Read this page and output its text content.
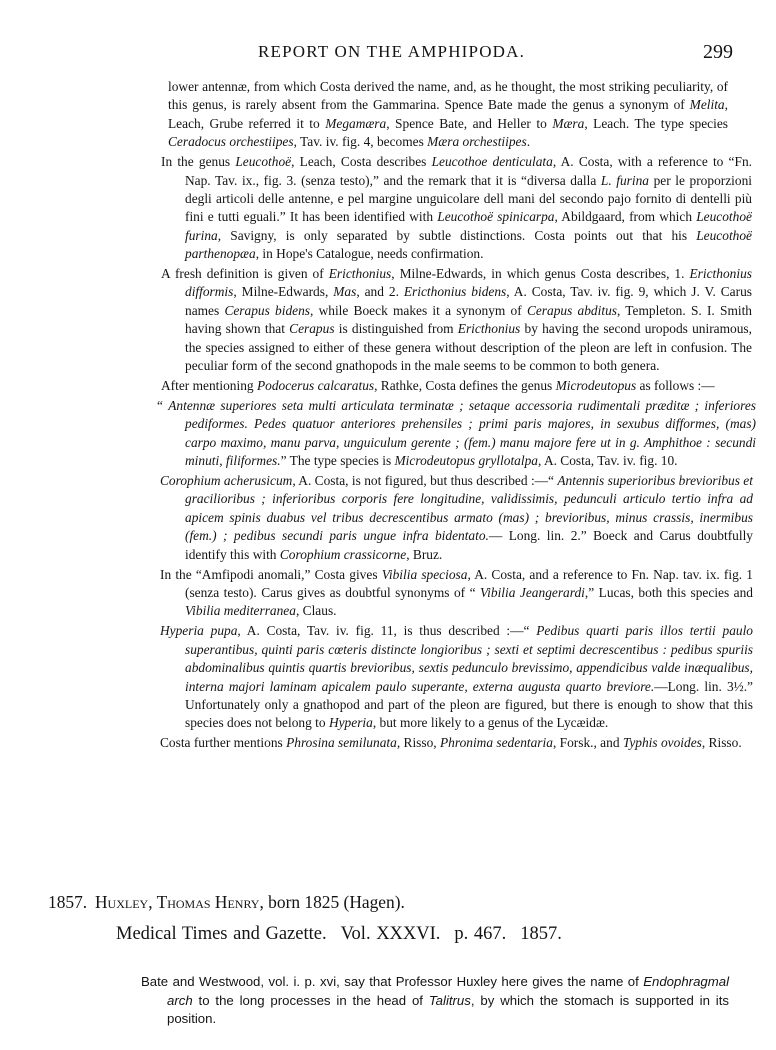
REPORT ON THE AMPHIPODA.	299

lower antennæ, from which Costa derived the name, and, as he thought, the most striking peculiarity, of this genus, is rarely absent from the Gammarina. Spence Bate made the genus a synonym of Melita, Leach, Grube referred it to Megamæra, Spence Bate, and Heller to Mæra, Leach. The type species Ceradocus orchestiipes, Tav. iv. fig. 4, becomes Mæra orchestiipes.

In the genus Leucothoë, Leach, Costa describes Leucothoe denticulata, A. Costa, with a reference to “Fn. Nap. Tav. ix., fig. 3. (senza testo),” and the remark that it is “diversa dalla L. furina per le proporzioni degli articoli delle antenne, e pel margine unguicolare dell mani del secondo pajo fornito di dentelli più fini e tutti eguali.” It has been identified with Leucothoë spinicarpa, Abildgaard, from which Leucothoë furina, Savigny, is only separated by subtle distinctions. Costa points out that his Leucothoë parthenopæa, in Hope's Catalogue, needs confirmation.

A fresh definition is given of Ericthonius, Milne-Edwards, in which genus Costa describes, 1. Ericthonius difformis, Milne-Edwards, Mas, and 2. Ericthonius bidens, A. Costa, Tav. iv. fig. 9, which J. V. Carus names Cerapus bidens, while Boeck makes it a synonym of Cerapus abditus, Templeton. S. I. Smith having shown that Cerapus is distinguished from Ericthonius by having the second uropods uniramous, the species assigned to either of these genera without description of the pleon are left in confusion. The peculiar form of the second gnathopods in the male seems to be common to both genera.

After mentioning Podocerus calcaratus, Rathke, Costa defines the genus Microdeutopus as follows :—

“ Antennæ superiores seta multi articulata terminatæ ; setaque accessoria rudimentali præditæ ; inferiores pediformes. Pedes quatuor anteriores prehensiles ; primi paris majores, in sexubus difformes, (mas) carpo maximo, manu parva, unguiculum gerente ; (fem.) manu majore fere ut in g. Amphithoe : secundi minuti, filiformes.” The type species is Microdeutopus gryllotalpa, A. Costa, Tav. iv. fig. 10.

Corophium acherusicum, A. Costa, is not figured, but thus described :—“ Antennis superioribus brevioribus et gracilioribus ; inferioribus corporis fere longitudine, validissimis, pedunculi articulo tertio infra ad apicem spinis duabus vel tribus decrescentibus armato (mas) ; brevioribus, minus crassis, inermibus (fem.) ; pedibus secundi paris ungue infra bidentato.— Long. lin. 2.” Boeck and Carus doubtfully identify this with Corophium crassicorne, Bruz.

In the “Amfipodi anomali,” Costa gives Vibilia speciosa, A. Costa, and a reference to Fn. Nap. tav. ix. fig. 1 (senza testo). Carus gives as doubtful synonyms of “ Vibilia Jeangerardi,” Lucas, both this species and Vibilia mediterranea, Claus.

Hyperia pupa, A. Costa, Tav. iv. fig. 11, is thus described :—“ Pedibus quarti paris illos tertii paulo superantibus, quinti paris cœteris distincte longioribus ; sexti et septimi decrescentibus : pedibus spuriis abdominalibus quintis quartis brevioribus, sextis pedunculo brevissimo, appendicibus valde inæqualibus, interna majori laminam apicalem paulo superante, externa augusta quarto breviore.—Long. lin. 3½.” Unfortunately only a gnathopod and part of the pleon are figured, but there is enough to show that this species does not belong to Hyperia, but more likely to a genus of the Lycæidæ.

Costa further mentions Phrosina semilunata, Risso, Phronima sedentaria, Forsk., and Typhis ovoides, Risso.

1857. Huxley, Thomas Henry, born 1825 (Hagen).
Medical Times and Gazette. Vol. XXXVI. p. 467. 1857.

Bate and Westwood, vol. i. p. xvi, say that Professor Huxley here gives the name of Endophragmal arch to the long processes in the head of Talitrus, by which the stomach is supported in its position.
